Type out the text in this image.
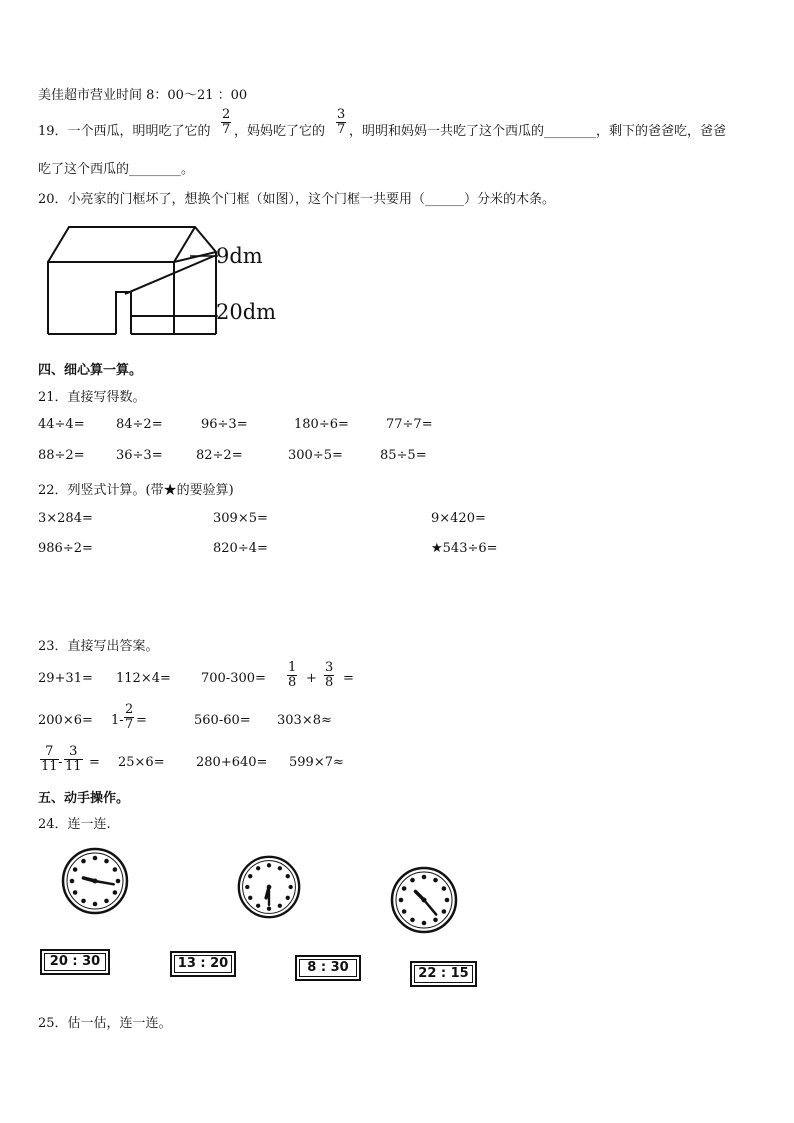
美佳超市营业时间 8：00～21 ：00
19．一个西瓜，明明吃了它的 $\frac{2}{7}$ ，妈妈吃了它的 $\frac{3}{7}$ ，明明和妈妈一共吃了这个西瓜的________，剩下的爸爸吃，爸爸
吃了这个西瓜的________。
20．小亮家的门框坏了，想换个门框（如图），这个门框一共要用（______）分米的木条。
9dm
20dm
四、细心算一算。
21．直接写得数。
44÷4= 84÷2=	96÷3=	180÷6=	77÷7=
88÷2= 36÷3=	82÷2=	300÷5=	85÷5=
22．列竖式计算。(带★的要验算)
3×284=	309×5=	9×420=
986÷2=	820÷4=	★543÷6=
23．直接写出答案。
$29+31= 112\times 4= 700-300= \frac{1}{8} + \frac{3}{8}$ =
$200\times 6= 1- \frac{2}{7}$ =	560-60= 303×8≈
$\frac{7}{11} - \frac{3}{11} = 25\times 6= 280+640= 599\times 7\approx$
五、动手操作。
24．连一连.
20 : 30	13 : 20	8 : 30	22 : 15
25．估一估，连一连。
